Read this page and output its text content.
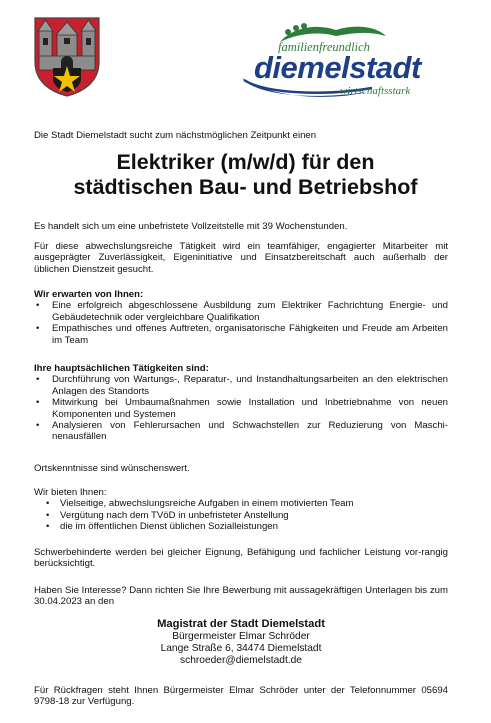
familienfreundlich
diemelstadt
wirtschaftsstark
Die Stadt Diemelstadt sucht zum nächstmöglichen Zeitpunkt einen
Elektriker (m/w/d) für den
städtischen Bau- und Betriebshof
Es handelt sich um eine unbefristete Vollzeitstelle mit 39 Wochenstunden.
Für diese abwechslungsreiche Tätigkeit wird ein teamfähiger, engagierter Mitarbeiter mit ausgeprägter Zuverlässigkeit, Eigeninitiative und Einsatzbereitschaft auch außerhalb der üblichen Dienstzeit gesucht.
Wir erwarten von Ihnen:
• Eine erfolgreich abgeschlossene Ausbildung zum Elektriker Fachrichtung Energie- und Gebäudetechnik oder vergleichbare Qualifikation
• Empathisches und offenes Auftreten, organisatorische Fähigkeiten und Freude am Arbeiten im Team
Ihre hauptsächlichen Tätigkeiten sind:
• Durchführung von Wartungs-, Reparatur-, und Instandhaltungsarbeiten an den elektrischen Anlagen des Standorts
• Mitwirkung bei Umbaumaßnahmen sowie Installation und Inbetriebnahme von neuen Komponenten und Systemen
• Analysieren von Fehlerursachen und Schwachstellen zur Reduzierung von Maschi-nenausfällen
Ortskenntnisse sind wünschenswert.
Wir bieten Ihnen:
• Vielseitige, abwechslungsreiche Aufgaben in einem motivierten Team
• Vergütung nach dem TVöD in unbefristeter Anstellung
• die im öffentlichen Dienst üblichen Sozialleistungen
Schwerbehinderte werden bei gleicher Eignung, Befähigung und fachlicher Leistung vor-rangig berücksichtigt.
Haben Sie Interesse? Dann richten Sie Ihre Bewerbung mit aussagekräftigen Unterlagen bis zum 30.04.2023 an den
Magistrat der Stadt Diemelstadt
Bürgermeister Elmar Schröder
Lange Straße 6, 34474 Diemelstadt
schroeder@diemelstadt.de
Für Rückfragen steht Ihnen Bürgermeister Elmar Schröder unter der Telefonnummer 05694 9798-18 zur Verfügung.
